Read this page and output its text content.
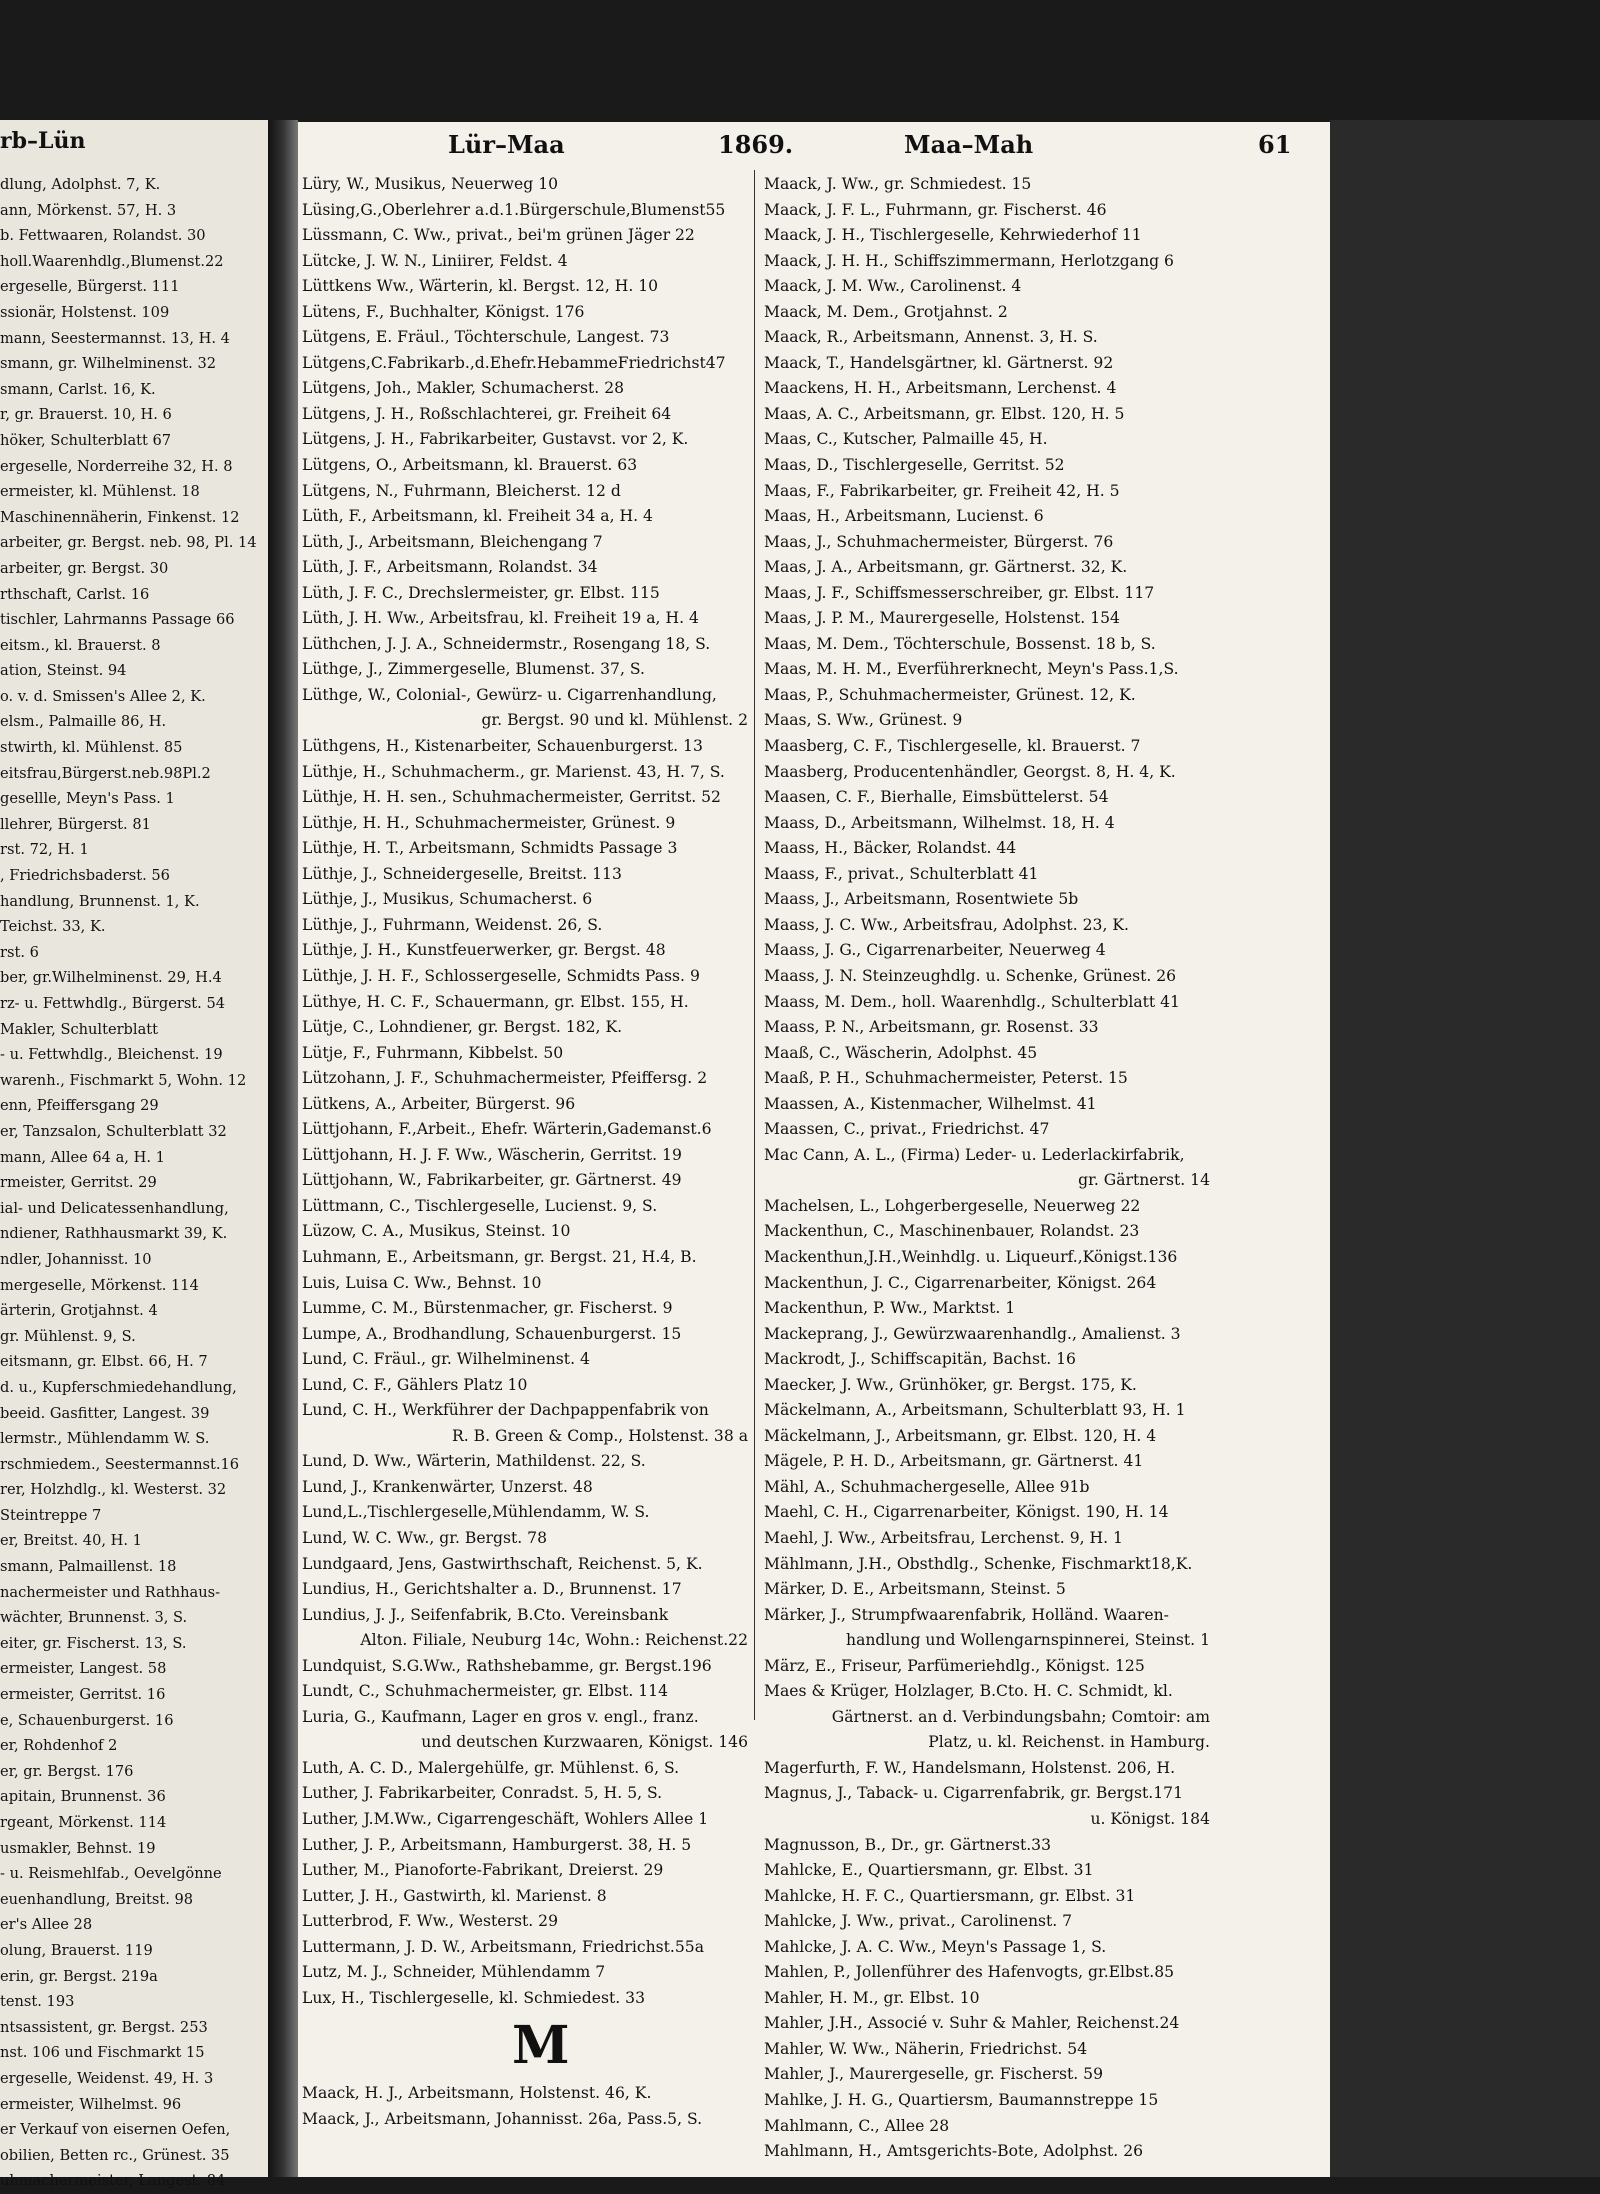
rb–Lün
dlung, Adolphst. 7, K.
ann, Mörkenst. 57, H. 3
b. Fettwaaren, Rolandst. 30
holl.Waarenhdlg.,Blumenst.22
ergeselle, Bürgerst. 111
ssionär, Holstenst. 109
mann, Seestermannst. 13, H. 4
smann, gr. Wilhelminenst. 32
smann, Carlst. 16, K.
r, gr. Brauerst. 10, H. 6
höker, Schulterblatt 67
ergeselle, Norderreihe 32, H. 8
ermeister, kl. Mühlenst. 18
Maschinennäherin, Finkenst. 12
arbeiter, gr. Bergst. neb. 98, Pl. 14
arbeiter, gr. Bergst. 30
rthschaft, Carlst. 16
tischler, Lahrmanns Passage 66
eitsm., kl. Brauerst. 8
ation, Steinst. 94
o. v. d. Smissen's Allee 2, K.
elsm., Palmaille 86, H.
stwirth, kl. Mühlenst. 85
eitsfrau,Bürgerst.neb.98Pl.2
gesellle, Meyn's Pass. 1
llehrer, Bürgerst. 81
rst. 72, H. 1
, Friedrichsbaderst. 56
handlung, Brunnenst. 1, K.
Teichst. 33, K.
rst. 6
ber, gr.Wilhelminenst. 29, H.4
rz- u. Fettwhdlg., Bürgerst. 54
Makler, Schulterblatt
- u. Fettwhdlg., Bleichenst. 19
warenh., Fischmarkt 5, Wohn. 12
enn, Pfeiffersgang 29
er, Tanzsalon, Schulterblatt 32
mann, Allee 64 a, H. 1
rmeister, Gerritst. 29
ial- und Delicatessenhandlung,
ndiener, Rathhausmarkt 39, K.
ndler, Johannisst. 10
mergeselle, Mörkenst. 114
ärterin, Grotjahnst. 4
gr. Mühlenst. 9, S.
eitsmann, gr. Elbst. 66, H. 7
d. u., Kupferschmiedehandlung,
beeid. Gasfitter, Langest. 39
lermstr., Mühlendamm W. S.
rschmiedem., Seestermannst.16
rer, Holzhdlg., kl. Westerst. 32
Steintreppe 7
er, Breitst. 40, H. 1
smann, Palmaillenst. 18
nachermeister und Rathhaus-
wächter, Brunnenst. 3, S.
eiter, gr. Fischerst. 13, S.
ermeister, Langest. 58
ermeister, Gerritst. 16
e, Schauenburgerst. 16
er, Rohdenhof 2
er, gr. Bergst. 176
apitain, Brunnenst. 36
rgeant, Mörkenst. 114
usmakler, Behnst. 19
- u. Reismehlfab., Oevelgönne
euenhandlung, Breitst. 98
er's Allee 28
olung, Brauerst. 119
erin, gr. Bergst. 219a
tenst. 193
ntsassistent, gr. Bergst. 253
nst. 106 und Fischmarkt 15
ergeselle, Weidenst. 49, H. 3
ermeister, Wilhelmst. 96
er Verkauf von eisernen Oefen,
obilien, Betten rc., Grünest. 35
uhmachermeister, Langest. 84
Lür–Maa	1869.	Maa–Mah	61
Lüry, W., Musikus, Neuerweg 10
Lüsing,G.,Oberlehrer a.d.1.Bürgerschule,Blumenst55
Lüssmann, C. Ww., privat., bei'm grünen Jäger 22
Lütcke, J. W. N., Liniirer, Feldst. 4
Lüttkens Ww., Wärterin, kl. Bergst. 12, H. 10
Lütens, F., Buchhalter, Königst. 176
Lütgens, E. Fräul., Töchterschule, Langest. 73
Lütgens,C.Fabrikarb.,d.Ehefr.HebammeFriedrichst47
Lütgens, Joh., Makler, Schumacherst. 28
Lütgens, J. H., Roßschlachterei, gr. Freiheit 64
Lütgens, J. H., Fabrikarbeiter, Gustavst. vor 2, K.
Lütgens, O., Arbeitsmann, kl. Brauerst. 63
Lütgens, N., Fuhrmann, Bleicherst. 12 d
Lüth, F., Arbeitsmann, kl. Freiheit 34 a, H. 4
Lüth, J., Arbeitsmann, Bleichengang 7
Lüth, J. F., Arbeitsmann, Rolandst. 34
Lüth, J. F. C., Drechslermeister, gr. Elbst. 115
Lüth, J. H. Ww., Arbeitsfrau, kl. Freiheit 19 a, H. 4
Lüthchen, J. J. A., Schneidermstr., Rosengang 18, S.
Lüthge, J., Zimmergeselle, Blumenst. 37, S.
Lüthge, W., Colonial-, Gewürz- u. Cigarrenhandlung,
gr. Bergst. 90 und kl. Mühlenst. 2
Lüthgens, H., Kistenarbeiter, Schauenburgerst. 13
Lüthje, H., Schuhmacherm., gr. Marienst. 43, H. 7, S.
Lüthje, H. H. sen., Schuhmachermeister, Gerritst. 52
Lüthje, H. H., Schuhmachermeister, Grünest. 9
Lüthje, H. T., Arbeitsmann, Schmidts Passage 3
Lüthje, J., Schneidergeselle, Breitst. 113
Lüthje, J., Musikus, Schumacherst. 6
Lüthje, J., Fuhrmann, Weidenst. 26, S.
Lüthje, J. H., Kunstfeuerwerker, gr. Bergst. 48
Lüthje, J. H. F., Schlossergeselle, Schmidts Pass. 9
Lüthye, H. C. F., Schauermann, gr. Elbst. 155, H.
Lütje, C., Lohndiener, gr. Bergst. 182, K.
Lütje, F., Fuhrmann, Kibbelst. 50
Lützohann, J. F., Schuhmachermeister, Pfeiffersg. 2
Lütkens, A., Arbeiter, Bürgerst. 96
Lüttjohann, F.,Arbeit., Ehefr. Wärterin,Gademanst.6
Lüttjohann, H. J. F. Ww., Wäscherin, Gerritst. 19
Lüttjohann, W., Fabrikarbeiter, gr. Gärtnerst. 49
Lüttmann, C., Tischlergeselle, Lucienst. 9, S.
Lüzow, C. A., Musikus, Steinst. 10
Luhmann, E., Arbeitsmann, gr. Bergst. 21, H.4, B.
Luis, Luisa C. Ww., Behnst. 10
Lumme, C. M., Bürstenmacher, gr. Fischerst. 9
Lumpe, A., Brodhandlung, Schauenburgerst. 15
Lund, C. Fräul., gr. Wilhelminenst. 4
Lund, C. F., Gählers Platz 10
Lund, C. H., Werkführer der Dachpappenfabrik von
R. B. Green & Comp., Holstenst. 38 a
Lund, D. Ww., Wärterin, Mathildenst. 22, S.
Lund, J., Krankenwärter, Unzerst. 48
Lund,L.,Tischlergeselle,Mühlendamm, W. S.
Lund, W. C. Ww., gr. Bergst. 78
Lundgaard, Jens, Gastwirthschaft, Reichenst. 5, K.
Lundius, H., Gerichtshalter a. D., Brunnenst. 17
Lundius, J. J., Seifenfabrik, B.Cto. Vereinsbank
Alton. Filiale, Neuburg 14c, Wohn.: Reichenst.22
Lundquist, S.G.Ww., Rathshebamme, gr. Bergst.196
Lundt, C., Schuhmachermeister, gr. Elbst. 114
Luria, G., Kaufmann, Lager en gros v. engl., franz.
und deutschen Kurzwaaren, Königst. 146
Luth, A. C. D., Malergehülfe, gr. Mühlenst. 6, S.
Luther, J. Fabrikarbeiter, Conradst. 5, H. 5, S.
Luther, J.M.Ww., Cigarrengeschäft, Wohlers Allee 1
Luther, J. P., Arbeitsmann, Hamburgerst. 38, H. 5
Luther, M., Pianoforte-Fabrikant, Dreierst. 29
Lutter, J. H., Gastwirth, kl. Marienst. 8
Lutterbrod, F. Ww., Westerst. 29
Luttermann, J. D. W., Arbeitsmann, Friedrichst.55a
Lutz, M. J., Schneider, Mühlendamm 7
Lux, H., Tischlergeselle, kl. Schmiedest. 33
M
Maack, H. J., Arbeitsmann, Holstenst. 46, K.
Maack, J., Arbeitsmann, Johannisst. 26a, Pass.5, S.
Maack, J. Ww., gr. Schmiedest. 15
Maack, J. F. L., Fuhrmann, gr. Fischerst. 46
Maack, J. H., Tischlergeselle, Kehrwiederhof 11
Maack, J. H. H., Schiffszimmermann, Herlotzgang 6
Maack, J. M. Ww., Carolinenst. 4
Maack, M. Dem., Grotjahnst. 2
Maack, R., Arbeitsmann, Annenst. 3, H. S.
Maack, T., Handelsgärtner, kl. Gärtnerst. 92
Maackens, H. H., Arbeitsmann, Lerchenst. 4
Maas, A. C., Arbeitsmann, gr. Elbst. 120, H. 5
Maas, C., Kutscher, Palmaille 45, H.
Maas, D., Tischlergeselle, Gerritst. 52
Maas, F., Fabrikarbeiter, gr. Freiheit 42, H. 5
Maas, H., Arbeitsmann, Lucienst. 6
Maas, J., Schuhmachermeister, Bürgerst. 76
Maas, J. A., Arbeitsmann, gr. Gärtnerst. 32, K.
Maas, J. F., Schiffsmesserschreiber, gr. Elbst. 117
Maas, J. P. M., Maurergeselle, Holstenst. 154
Maas, M. Dem., Töchterschule, Bossenst. 18 b, S.
Maas, M. H. M., Everführerknecht, Meyn's Pass.1,S.
Maas, P., Schuhmachermeister, Grünest. 12, K.
Maas, S. Ww., Grünest. 9
Maasberg, C. F., Tischlergeselle, kl. Brauerst. 7
Maasberg, Producentenhändler, Georgst. 8, H. 4, K.
Maasen, C. F., Bierhalle, Eimsbüttelerst. 54
Maass, D., Arbeitsmann, Wilhelmst. 18, H. 4
Maass, H., Bäcker, Rolandst. 44
Maass, F., privat., Schulterblatt 41
Maass, J., Arbeitsmann, Rosentwiete 5b
Maass, J. C. Ww., Arbeitsfrau, Adolphst. 23, K.
Maass, J. G., Cigarrenarbeiter, Neuerweg 4
Maass, J. N. Steinzeughdlg. u. Schenke, Grünest. 26
Maass, M. Dem., holl. Waarenhdlg., Schulterblatt 41
Maass, P. N., Arbeitsmann, gr. Rosenst. 33
Maaß, C., Wäscherin, Adolphst. 45
Maaß, P. H., Schuhmachermeister, Peterst. 15
Maassen, A., Kistenmacher, Wilhelmst. 41
Maassen, C., privat., Friedrichst. 47
Mac Cann, A. L., (Firma) Leder- u. Lederlackirfabrik,
gr. Gärtnerst. 14
Machelsen, L., Lohgerbergeselle, Neuerweg 22
Mackenthun, C., Maschinenbauer, Rolandst. 23
Mackenthun,J.H.,Weinhdlg. u. Liqueurf.,Königst.136
Mackenthun, J. C., Cigarrenarbeiter, Königst. 264
Mackenthun, P. Ww., Marktst. 1
Mackeprang, J., Gewürzwaarenhandlg., Amalienst. 3
Mackrodt, J., Schiffscapitän, Bachst. 16
Maecker, J. Ww., Grünhöker, gr. Bergst. 175, K.
Mäckelmann, A., Arbeitsmann, Schulterblatt 93, H. 1
Mäckelmann, J., Arbeitsmann, gr. Elbst. 120, H. 4
Mägele, P. H. D., Arbeitsmann, gr. Gärtnerst. 41
Mähl, A., Schuhmachergeselle, Allee 91b
Maehl, C. H., Cigarrenarbeiter, Königst. 190, H. 14
Maehl, J. Ww., Arbeitsfrau, Lerchenst. 9, H. 1
Mählmann, J.H., Obsthdlg., Schenke, Fischmarkt18,K.
Märker, D. E., Arbeitsmann, Steinst. 5
Märker, J., Strumpfwaarenfabrik, Holländ. Waaren-
handlung und Wollengarnspinnerei, Steinst. 1
März, E., Friseur, Parfümeriehdlg., Königst. 125
Maes & Krüger, Holzlager, B.Cto. H. C. Schmidt, kl.
Gärtnerst. an d. Verbindungsbahn; Comtoir: am
Platz, u. kl. Reichenst. in Hamburg.
Magerfurth, F. W., Handelsmann, Holstenst. 206, H.
Magnus, J., Taback- u. Cigarrenfabrik, gr. Bergst.171
u. Königst. 184
Magnusson, B., Dr., gr. Gärtnerst.33
Mahlcke, E., Quartiersmann, gr. Elbst. 31
Mahlcke, H. F. C., Quartiersmann, gr. Elbst. 31
Mahlcke, J. Ww., privat., Carolinenst. 7
Mahlcke, J. A. C. Ww., Meyn's Passage 1, S.
Mahlen, P., Jollenführer des Hafenvogts, gr.Elbst.85
Mahler, H. M., gr. Elbst. 10
Mahler, J.H., Associé v. Suhr & Mahler, Reichenst.24
Mahler, W. Ww., Näherin, Friedrichst. 54
Mahler, J., Maurergeselle, gr. Fischerst. 59
Mahlke, J. H. G., Quartiersm, Baumannstreppe 15
Mahlmann, C., Allee 28
Mahlmann, H., Amtsgerichts-Bote, Adolphst. 26
